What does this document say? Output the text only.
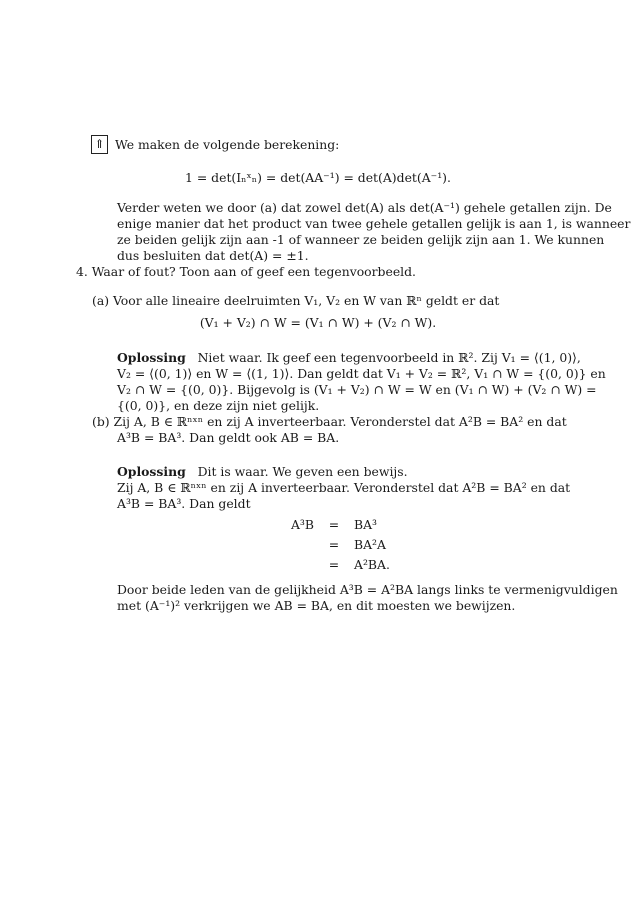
⇑ We maken de volgende berekening:
1 = det(Iₙˣₙ) = det(AA⁻¹) = det(A)det(A⁻¹).
Verder weten we door (a) dat zowel det(A) als det(A⁻¹) gehele getallen zijn. De
enige manier dat het product van twee gehele getallen gelijk is aan 1, is wanneer
ze beiden gelijk zijn aan -1 of wanneer ze beiden gelijk zijn aan 1. We kunnen
dus besluiten dat det(A) = ±1.
4. Waar of fout? Toon aan of geef een tegenvoorbeeld.
(a) Voor alle lineaire deelruimten V₁, V₂ en W van ℝⁿ geldt er dat
(V₁ + V₂) ∩ W = (V₁ ∩ W) + (V₂ ∩ W).
Oplossing Niet waar. Ik geef een tegenvoorbeeld in ℝ². Zij V₁ = ⟨(1, 0)⟩,
V₂ = ⟨(0, 1)⟩ en W = ⟨(1, 1)⟩. Dan geldt dat V₁ + V₂ = ℝ², V₁ ∩ W = {(0, 0)} en
V₂ ∩ W = {(0, 0)}. Bijgevolg is (V₁ + V₂) ∩ W = W en (V₁ ∩ W) + (V₂ ∩ W) =
{(0, 0)}, en deze zijn niet gelijk.
(b) Zij A, B ∈ ℝⁿˣⁿ en zij A inverteerbaar. Veronderstel dat A²B = BA² en dat
A³B = BA³. Dan geldt ook AB = BA.
Oplossing Dit is waar. We geven een bewijs.
Zij A, B ∈ ℝⁿˣⁿ en zij A inverteerbaar. Veronderstel dat A²B = BA² en dat
A³B = BA³. Dan geldt
A³B	=	BA³
	=	BA²A
	=	A²BA.
Door beide leden van de gelijkheid A³B = A²BA langs links te vermenigvuldigen
met (A⁻¹)² verkrijgen we AB = BA, en dit moesten we bewijzen.
